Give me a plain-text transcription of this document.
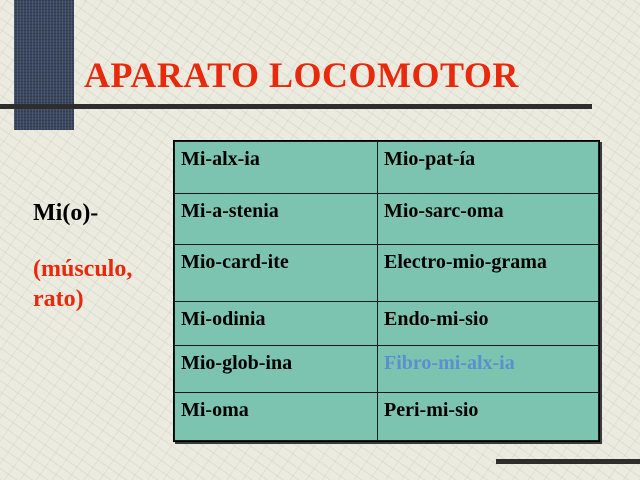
APARATO LOCOMOTOR
Mi(o)-
(músculo, rato)
Mi-alx-ia	Mio-pat-ía
Mi-a-stenia	Mio-sarc-oma
Mio-card-ite	Electro-mio-grama
Mi-odinia	Endo-mi-sio
Mio-glob-ina	Fibro-mi-alx-ia
Mi-oma	Peri-mi-sio
